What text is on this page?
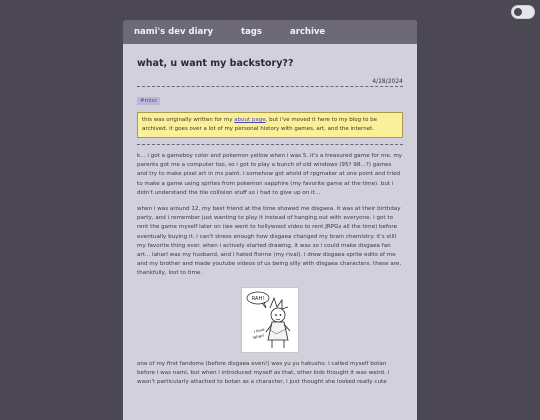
nami's dev diary	tags	archive
what, u want my backstory??
4/28/2024
#misc
this was originally written for my about page, but i've moved it here to my blog to be archived. it goes over a lot of my personal history with games, art, and the internet.

k... i got a gameboy color and pokemon yellow when i was 5. it's a treasured game for me. my parents got me a computer too, so i got to play a bunch of old windows (95? 98...?) games and try to make pixel art in ms paint. i somehow got ahold of rpgmaker at one point and tried to make a game using sprites from pokemon sapphire (my favorite game at the time). but i didn't understand the tile collision stuff so i had to give up on it...

when i was around 12, my best friend at the time showed me disgaea. it was at their birthday party, and i remember just wanting to play it instead of hanging out with everyone. i got to rent the game myself later on (we went to hollywood video to rent JRPGs all the time) before eventually buying it. i can't stress enough how disgaea changed my brain chemistry. it's still my favorite thing ever. when i actively started drawing, it was so i could make disgaea fan art... laharl was my husband, and i hated flonne (my rival). i drew disgaea sprite edits of me and my brother and made youtube videos of us being silly with disgaea characters. these are, thankfully, lost to time.

RAH!
I love
laharl

one of my first fandoms (before disgaea even!) was yu yu hakusho. i called myself botan before i was nami, but when i introduced myself as that, other kids thought it was weird. i wasn't particularly attached to botan as a character, i just thought she looked really cute
